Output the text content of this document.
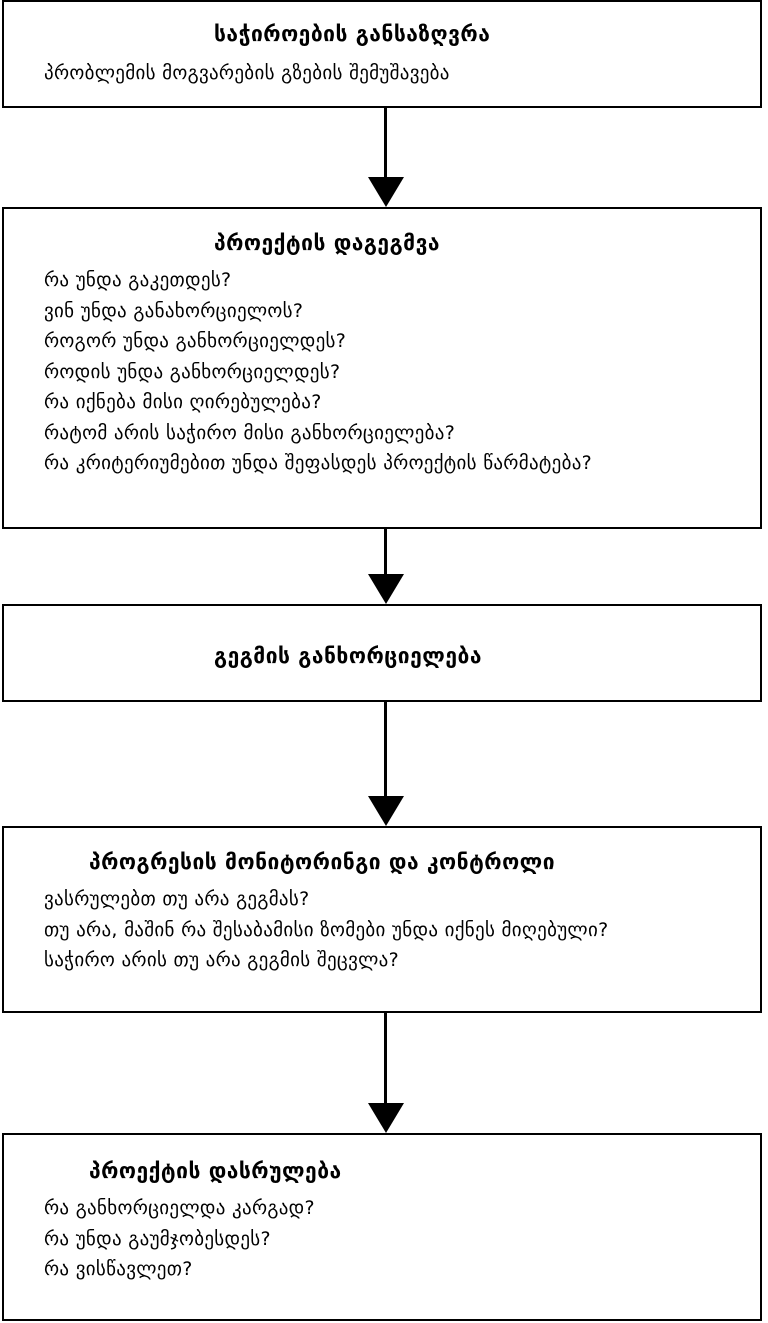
საჭიროების განსაზღვრა
პრობლემის მოგვარების გზების შემუშავება
პროექტის დაგეგმვა
რა უნდა გაკეთდეს?
ვინ უნდა განახორციელოს?
როგორ უნდა განხორციელდეს?
როდის უნდა განხორციელდეს?
რა იქნება მისი ღირებულება?
რატომ არის საჭირო მისი განხორციელება?
რა კრიტერიუმებით უნდა შეფასდეს პროექტის წარმატება?
გეგმის განხორციელება
პროგრესის მონიტორინგი და კონტროლი
ვასრულებთ თუ არა გეგმას?
თუ არა, მაშინ რა შესაბამისი ზომები უნდა იქნეს მიღებული?
საჭირო არის თუ არა გეგმის შეცვლა?
პროექტის დასრულება
რა განხორციელდა კარგად?
რა უნდა გაუმჯობესდეს?
რა ვისწავლეთ?
